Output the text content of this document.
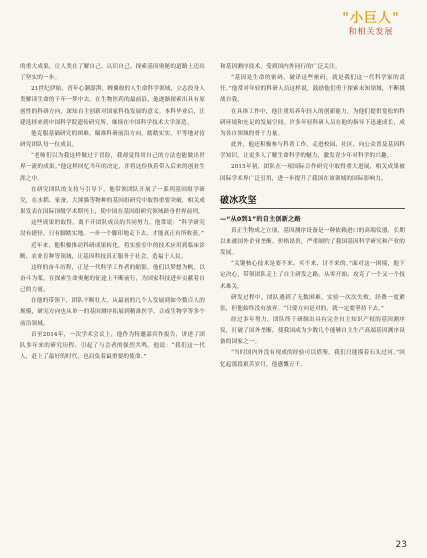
"小巨人"
和相关发展

的重大成果，让人类在了解自己、认识自己、探索基因奥秘的道路上迈出了坚实的一步。

21世纪伊始，青年心潮澎湃，蝉翼般的人生命科学领域，立志投身人类解读生命的千年一梦中去。在生物医药的最前沿，他逐渐探索出具有原创性的科研方向，深知自主创新对国家科技发展的意义。本科毕业后，汪建选择来到中国科学院遗传研究所，继续在中国科学技术大学深造。

他克服基础研究的困难，瞄准科研前沿方向，踏踏实实，平等地对待研究团队每一位成员。

“老师们以为我这样做过于冒险，我却觉得用自己的方法也能做出世界一流的成果。”他这样回忆当年的决定，并将这份执着带入后来的创业生涯之中。

在研究团队的支持与引导下，他带领团队开展了一系列基因组学研究，在水稻、家蚕、大熊猫等物种的基因组研究中取得重要突破，相关成果发表在国际顶级学术期刊上，使中国在基因组研究领域跻身世界前列。

这些成果的取得，离不开团队成员的共同努力。他常说：“科学研究没有捷径，只有脚踏实地、一步一个脚印地走下去，才能真正有所收获。”

近年来，他积极推动科研成果转化，将实验室中的技术应用到临床诊断、农业育种等领域，让基因科技真正服务于社会，造福于人民。

这样的奋斗历程，正是一代科学工作者的缩影。他们以梦想为帆，以奋斗为桨，在探索生命奥秘的征途上不断前行，为国家科技进步贡献着自己的力量。

在他的带领下，团队不断壮大，从最初的几个人发展到如今数百人的规模，研究方向也从单一的基因测序拓展到精准医学、合成生物学等多个前沿领域。

首至2014年，一次学术会议上，他作为特邀嘉宾作报告，讲述了团队多年来的研究历程，引起了与会者的强烈共鸣。他说：“我们这一代人，赶上了最好的时代，也肩负着最重要的使命。”

和基因测序技术，受到国内外同行的广泛关注。

“基因是生命的密码，破译这些密码，就是我们这一代科学家的责任。”他常对年轻的科研人员这样说，鼓励他们勇于探索未知领域，不断挑战自我。

在具体工作中，他注重培养年轻人的创新能力，为他们提供宽松的科研环境和充足的发展空间。许多年轻科研人员在他的指导下迅速成长，成为各自领域的骨干力量。

此外，他还积极参与科普工作，走进校园、社区，向公众普及基因科学知识，让更多人了解生命科学的魅力，激发青少年对科学的兴趣。

2015年初，团队在一项国际合作研究中取得重大进展，相关成果被国际学术界广泛引用，进一步提升了我国在该领域的国际影响力。

破冰攻坚
—“从0到1”的自主创新之路

真正生物成之立项，基因测序设备是一种依赖进口的高端仪器，长期以来被国外企业垄断，价格昂贵，严重制约了我国基因科学研究和产业的发展。

“关键核心技术是要不来、买不来、讨不来的。”面对这一困境，他下定决心，带领团队走上了自主研发之路。从零开始，攻克了一个又一个技术难关。

研发过程中，团队遇到了无数困难，实验一次次失败，经费一度紧张，但他始终没有放弃。“只要方向是对的，就一定要坚持下去。”

经过多年努力，团队终于研制出具有完全自主知识产权的基因测序仪，打破了国外垄断，使我国成为少数几个能够自主生产高端基因测序设备的国家之一。

“当时国内外没有现成的经验可以借鉴，我们只能摸着石头过河。”回忆起那段艰苦岁月，他感慨万千。

23
